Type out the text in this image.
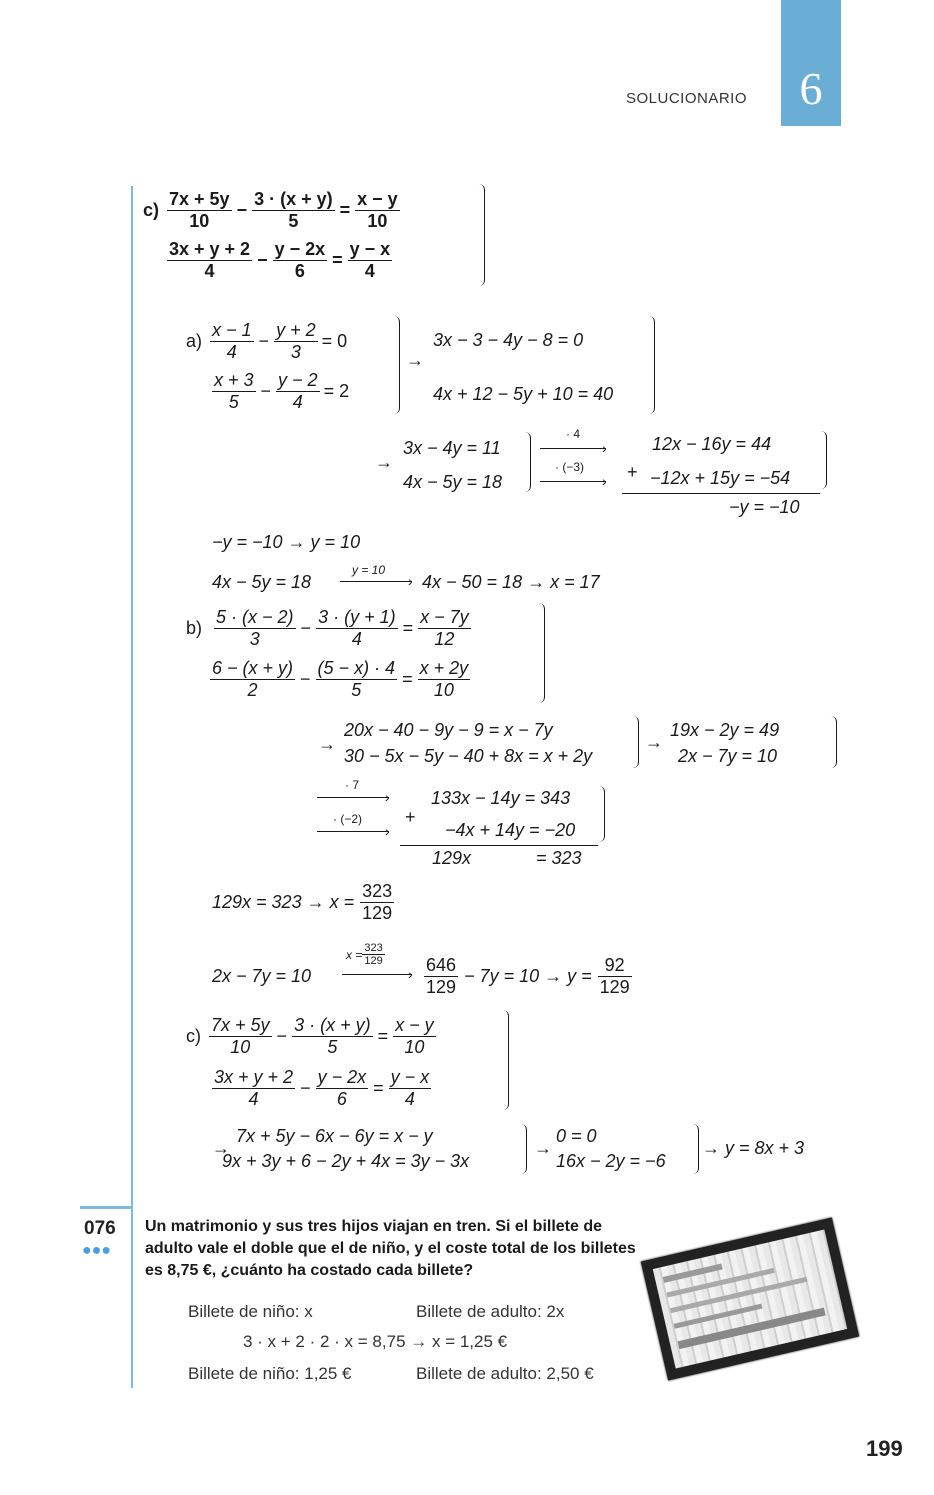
SOLUCIONARIO	6
$c) \frac{7x + 5y}{10} - \frac{3 \cdot (x + y)}{5} = \frac{x - y}{10}$
$\frac{3x + y + 2}{4} - \frac{y - 2x}{6} = \frac{y - x}{4}$
$a) \frac{x - 1}{4} - \frac{y + 2}{3} = 0$
$\frac{x + 3}{5} - \frac{y - 2}{4} = 2$
→
3x − 3 − 4y − 8 = 0
4x + 12 − 5y + 10 = 40
→
3x − 4y = 11
4x − 5y = 18
· 4
›
· (−3)
›
12x − 16y = 44
+ −12x + 15y = −54
−y = −10
−y = −10 → y = 10
4x − 5y = 18
y = 10
› 4x − 50 = 18 → x = 17
$b) \frac{5 \cdot (x - 2)}{3} - \frac{3 \cdot (y + 1)}{4} = \frac{x - 7y}{12}$
$\frac{6 - (x + y)}{2} - \frac{(5 - x) \cdot 4}{5} = \frac{x + 2y}{10}$
→
20x − 40 − 9y − 9 = x − 7y
30 − 5x − 5y − 40 + 8x = x + 2y
→
19x − 2y = 49
2x − 7y = 10
· 7
›
· (−2)
›
133x − 14y = 343
+
−4x + 14y = −20
129x	= 323
$129x = 323 \to x = \frac{323}{129}$
2x − 7y = 10
$x = \frac{323}{129}$
› $\frac{646}{129} - 7y = 10 \to y = \frac{92}{129}$
$c) \frac{7x + 5y}{10} - \frac{3 \cdot (x + y)}{5} = \frac{x - y}{10}$
$\frac{3x + y + 2}{4} - \frac{y - 2x}{6} = \frac{y - x}{4}$
→
7x + 5y − 6x − 6y = x − y
9x + 3y + 6 − 2y + 4x = 3y − 3x
→
0 = 0
16x − 2y = −6
→ y = 8x + 3
076
●●●
Un matrimonio y sus tres hijos viajan en tren. Si el billete de adulto vale el doble que el de niño, y el coste total de los billetes es 8,75 €, ¿cuánto ha costado cada billete?
Billete de niño: x	Billete de adulto: 2x
3 · x + 2 · 2 · x = 8,75 → x = 1,25 €
Billete de niño: 1,25 €	Billete de adulto: 2,50 €
199
